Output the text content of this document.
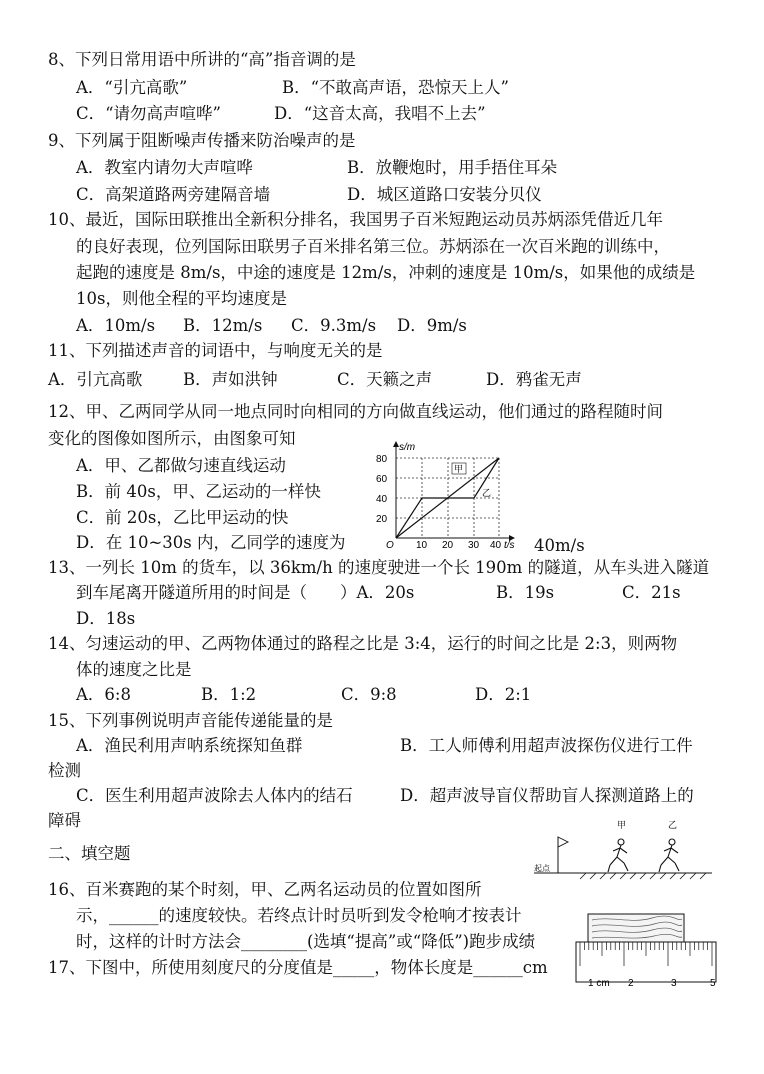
8、下列日常用语中所讲的“高”指音调的是
A．“引亢高歌”	B．“不敢高声语，恐惊天上人”
C．“请勿高声喧哗”	D．“这音太高，我唱不上去”
9、下列属于阻断噪声传播来防治噪声的是
A．教室内请勿大声喧哗	B．放鞭炮时，用手捂住耳朵
C．高架道路两旁建隔音墙	D．城区道路口安装分贝仪
10、最近，国际田联推出全新积分排名，我国男子百米短跑运动员苏炳添凭借近几年
的良好表现，位列国际田联男子百米排名第三位。苏炳添在一次百米跑的训练中，
起跑的速度是 8m/s，中途的速度是 12m/s，冲刺的速度是 10m/s，如果他的成绩是
10s，则他全程的平均速度是
A．10m/s B．12m/s C．9.3m/s D．9m/s
11、下列描述声音的词语中，与响度无关的是
A．引亢高歌 B．声如洪钟	C．天籁之声	D．鸦雀无声
12、甲、乙两同学从同一地点同时向相同的方向做直线运动，他们通过的路程随时间
变化的图像如图所示，由图象可知
A．甲、乙都做匀速直线运动
B．前 40s，甲、乙运动的一样快
C．前 20s，乙比甲运动的快
D．在 10~30s 内，乙同学的速度为	40m/s
甲
乙
s/m
t/s
O
80
60
40
20
10 20 30 40
13、一列长 10m 的货车，以 36km/h 的速度驶进一个长 190m 的隧道，从车头进入隧道
到车尾离开隧道所用的时间是（　　）A．20s	B．19s	C．21s
D．18s
14、匀速运动的甲、乙两物体通过的路程之比是 3:4，运行的时间之比是 2:3，则两物
体的速度之比是
A．6:8	B．1:2	C．9:8	D．2:1
15、下列事例说明声音能传递能量的是
A．渔民利用声呐系统探知鱼群	B．工人师傅利用超声波探伤仪进行工件
检测
C．医生利用超声波除去人体内的结石	D．超声波导盲仪帮助盲人探测道路上的
障碍
二、填空题
起点
甲	乙
16、百米赛跑的某个时刻，甲、乙两名运动员的位置如图所
示，______的速度较快。若终点计时员听到发令枪响才按表计
时，这样的计时方法会________(选填“提高”或“降低”)跑步成绩
17、下图中，所使用刻度尺的分度值是_____，物体长度是______cm
1 cm 2	3	5
